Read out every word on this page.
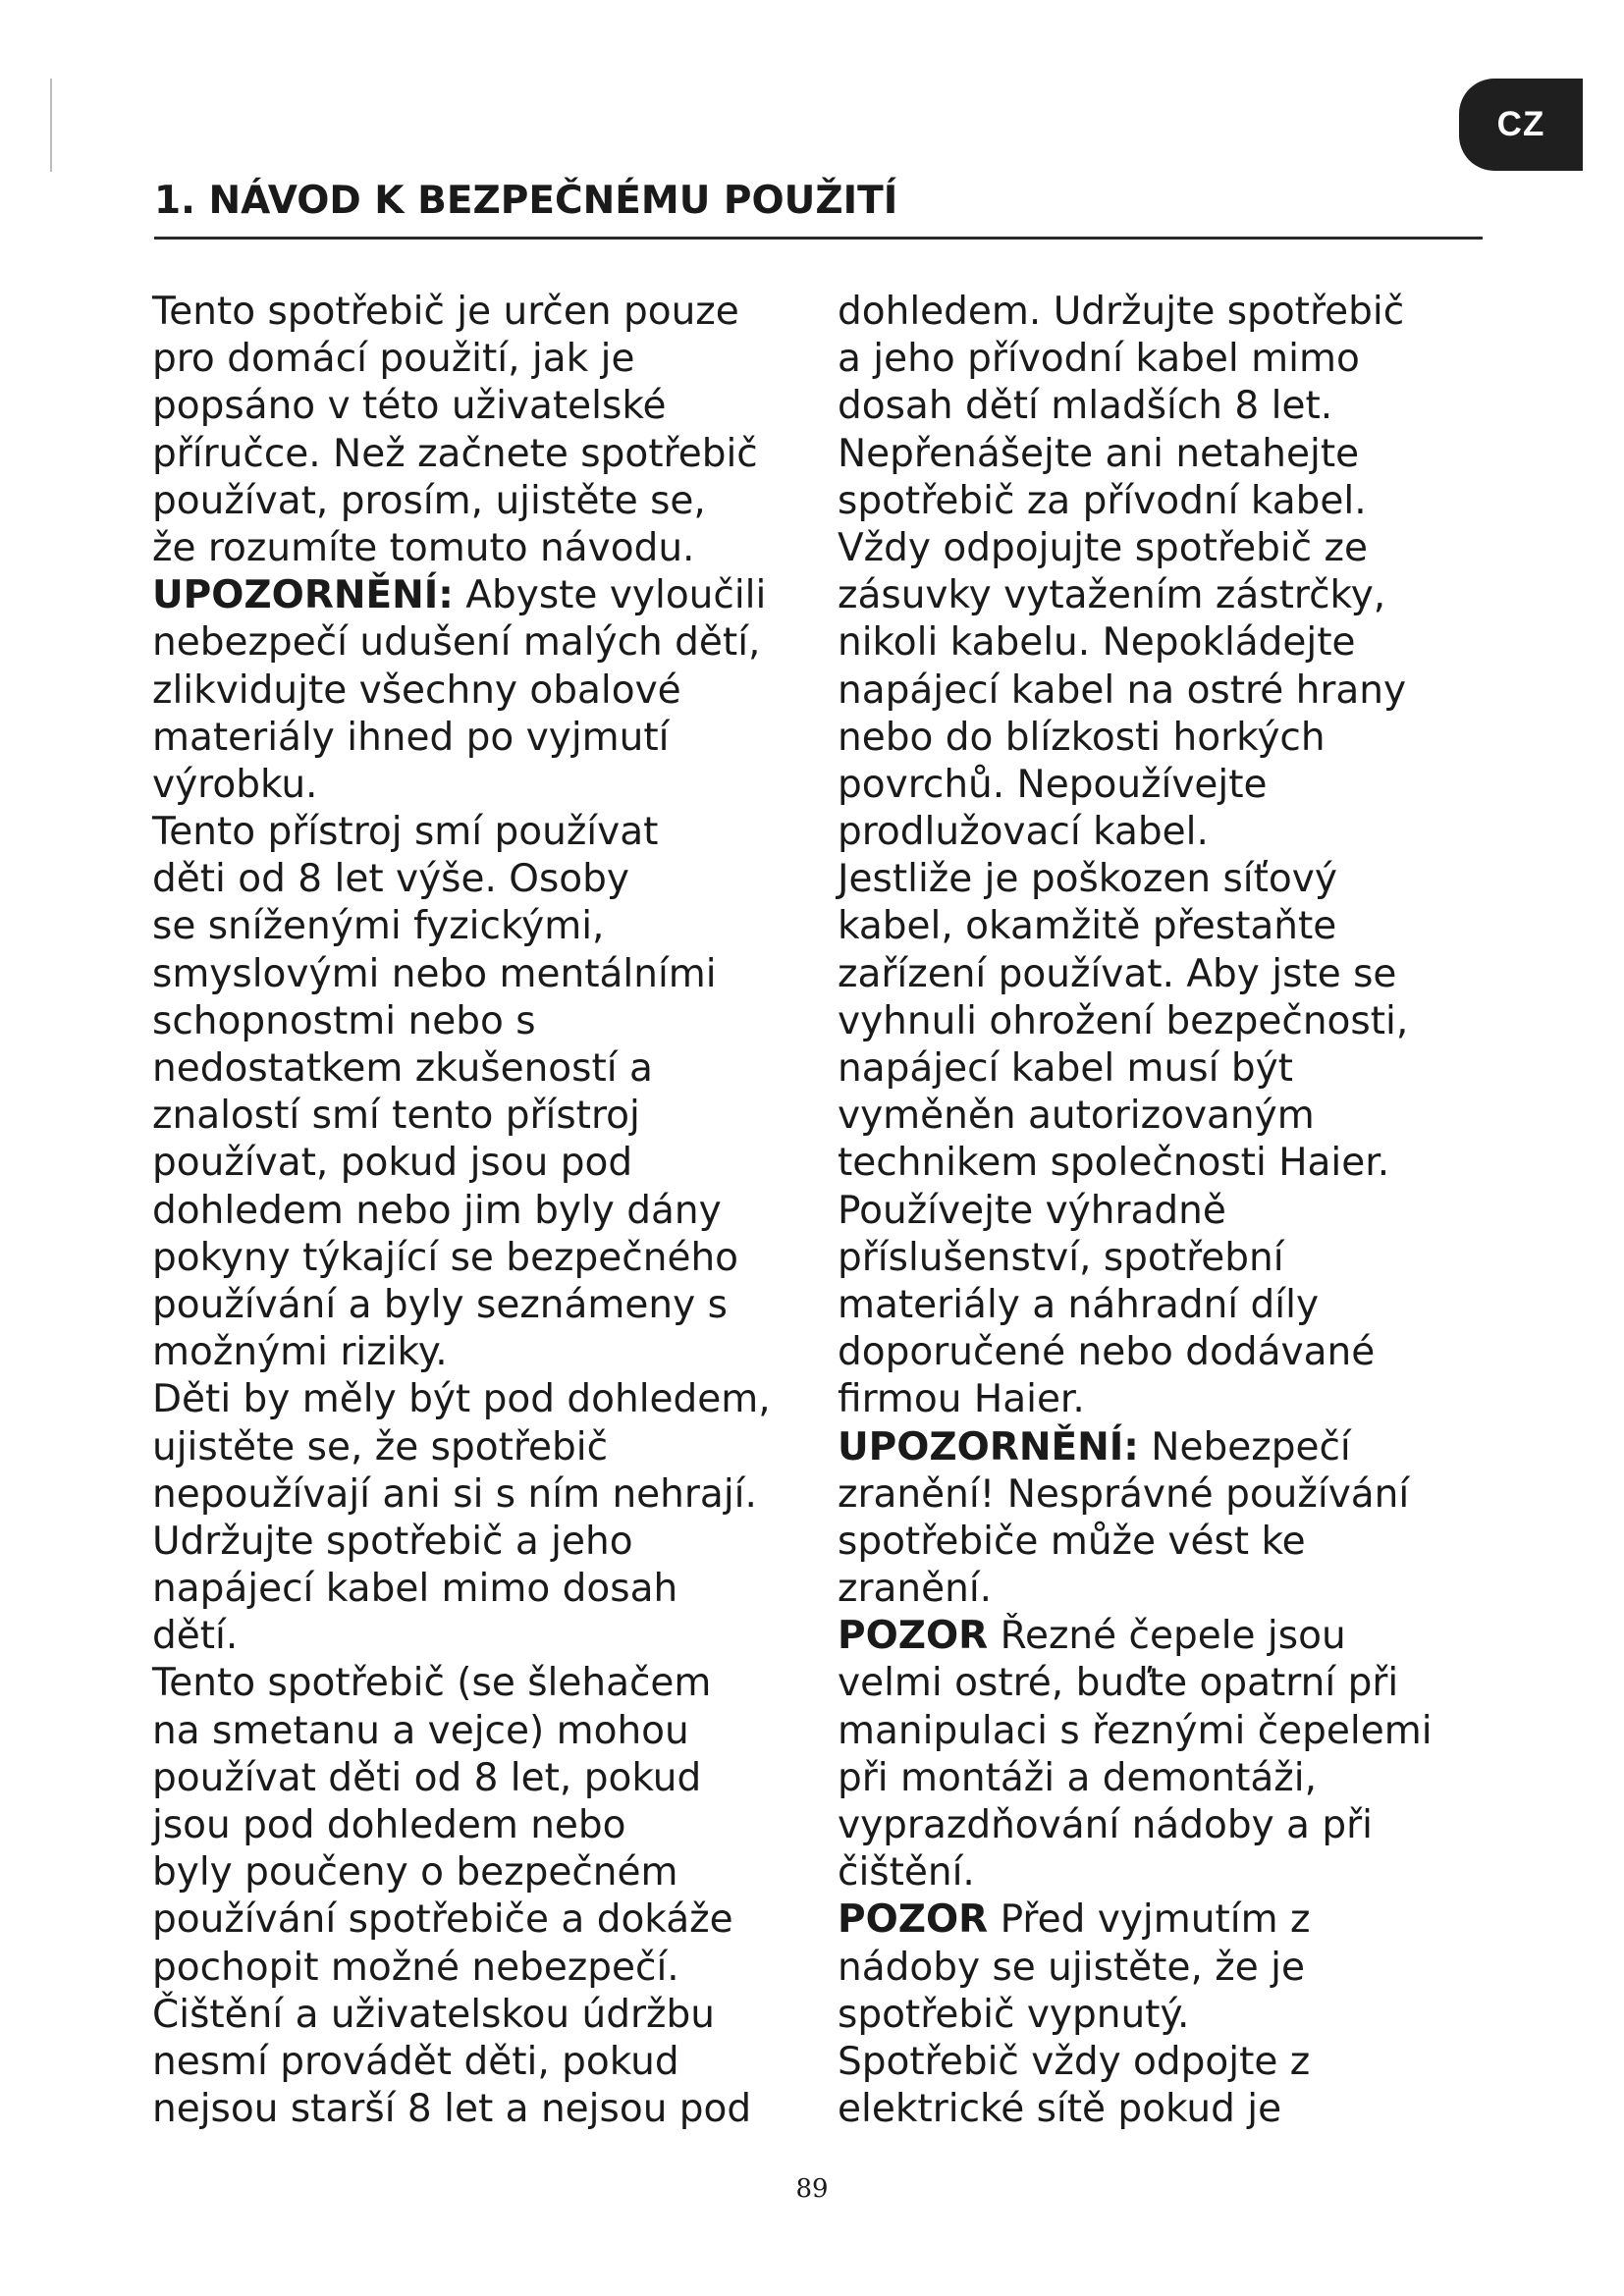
CZ
1. NÁVOD K BEZPEČNÉMU POUŽITÍ
Tento spotřebič je určen pouze
pro domácí použití, jak je
popsáno v této uživatelské
příručce. Než začnete spotřebič
používat, prosím, ujistěte se,
že rozumíte tomuto návodu.
UPOZORNĚNÍ: Abyste vyloučili
nebezpečí udušení malých dětí,
zlikvidujte všechny obalové
materiály ihned po vyjmutí
výrobku.
Tento přístroj smí používat
děti od 8 let výše. Osoby
se sníženými fyzickými,
smyslovými nebo mentálními
schopnostmi nebo s
nedostatkem zkušeností a
znalostí smí tento přístroj
používat, pokud jsou pod
dohledem nebo jim byly dány
pokyny týkající se bezpečného
používání a byly seznámeny s
možnými riziky.
Děti by měly být pod dohledem,
ujistěte se, že spotřebič
nepoužívají ani si s ním nehrají.
Udržujte spotřebič a jeho
napájecí kabel mimo dosah
dětí.
Tento spotřebič (se šlehačem
na smetanu a vejce) mohou
používat děti od 8 let, pokud
jsou pod dohledem nebo
byly poučeny o bezpečném
používání spotřebiče a dokáže
pochopit možné nebezpečí.
Čištění a uživatelskou údržbu
nesmí provádět děti, pokud
nejsou starší 8 let a nejsou pod
dohledem. Udržujte spotřebič
a jeho přívodní kabel mimo
dosah dětí mladších 8 let.
Nepřenášejte ani netahejte
spotřebič za přívodní kabel.
Vždy odpojujte spotřebič ze
zásuvky vytažením zástrčky,
nikoli kabelu. Nepokládejte
napájecí kabel na ostré hrany
nebo do blízkosti horkých
povrchů. Nepoužívejte
prodlužovací kabel.
Jestliže je poškozen síťový
kabel, okamžitě přestaňte
zařízení používat. Aby jste se
vyhnuli ohrožení bezpečnosti,
napájecí kabel musí být
vyměněn autorizovaným
technikem společnosti Haier.
Používejte výhradně
příslušenství, spotřební
materiály a náhradní díly
doporučené nebo dodávané
firmou Haier.
UPOZORNĚNÍ: Nebezpečí
zranění! Nesprávné používání
spotřebiče může vést ke
zranění.
POZOR Řezné čepele jsou
velmi ostré, buďte opatrní při
manipulaci s řeznými čepelemi
při montáži a demontáži,
vyprazdňování nádoby a při
čištění.
POZOR Před vyjmutím z
nádoby se ujistěte, že je
spotřebič vypnutý.
Spotřebič vždy odpojte z
elektrické sítě pokud je
89
